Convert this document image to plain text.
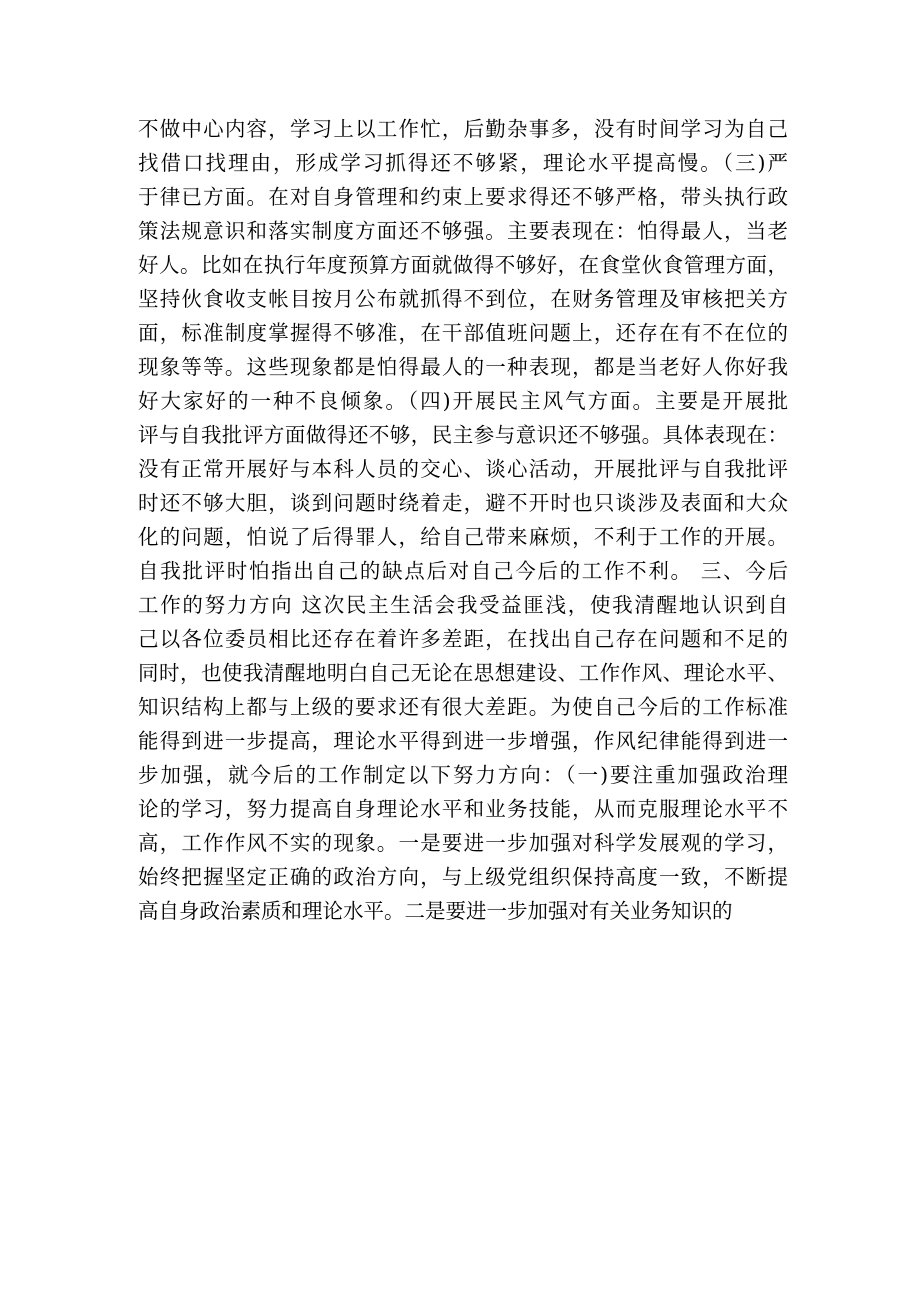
不做中心内容，学习上以工作忙，后勤杂事多，没有时间学习为自己
找借口找理由，形成学习抓得还不够紧，理论水平提高慢。（三)严
于律已方面。在对自身管理和约束上要求得还不够严格，带头执行政
策法规意识和落实制度方面还不够强。主要表现在：怕得最人，当老
好人。比如在执行年度预算方面就做得不够好，在食堂伙食管理方面，
坚持伙食收支帐目按月公布就抓得不到位，在财务管理及审核把关方
面，标准制度掌握得不够准，在干部值班问题上，还存在有不在位的
现象等等。这些现象都是怕得最人的一种表现，都是当老好人你好我
好大家好的一种不良倾象。（四)开展民主风气方面。主要是开展批
评与自我批评方面做得还不够，民主参与意识还不够强。具体表现在：
没有正常开展好与本科人员的交心、谈心活动，开展批评与自我批评
时还不够大胆，谈到问题时绕着走，避不开时也只谈涉及表面和大众
化的问题，怕说了后得罪人，给自己带来麻烦，不利于工作的开展。
自我批评时怕指出自己的缺点后对自己今后的工作不利。 三、今后
工作的努力方向 这次民主生活会我受益匪浅，使我清醒地认识到自
己以各位委员相比还存在着许多差距，在找出自己存在问题和不足的
同时，也使我清醒地明白自己无论在思想建设、工作作风、理论水平、
知识结构上都与上级的要求还有很大差距。为使自己今后的工作标准
能得到进一步提高，理论水平得到进一步增强，作风纪律能得到进一
步加强，就今后的工作制定以下努力方向：（一)要注重加强政治理
论的学习，努力提高自身理论水平和业务技能，从而克服理论水平不
高，工作作风不实的现象。一是要进一步加强对科学发展观的学习，
始终把握坚定正确的政治方向，与上级党组织保持高度一致，不断提
高自身政治素质和理论水平。二是要进一步加强对有关业务知识的
